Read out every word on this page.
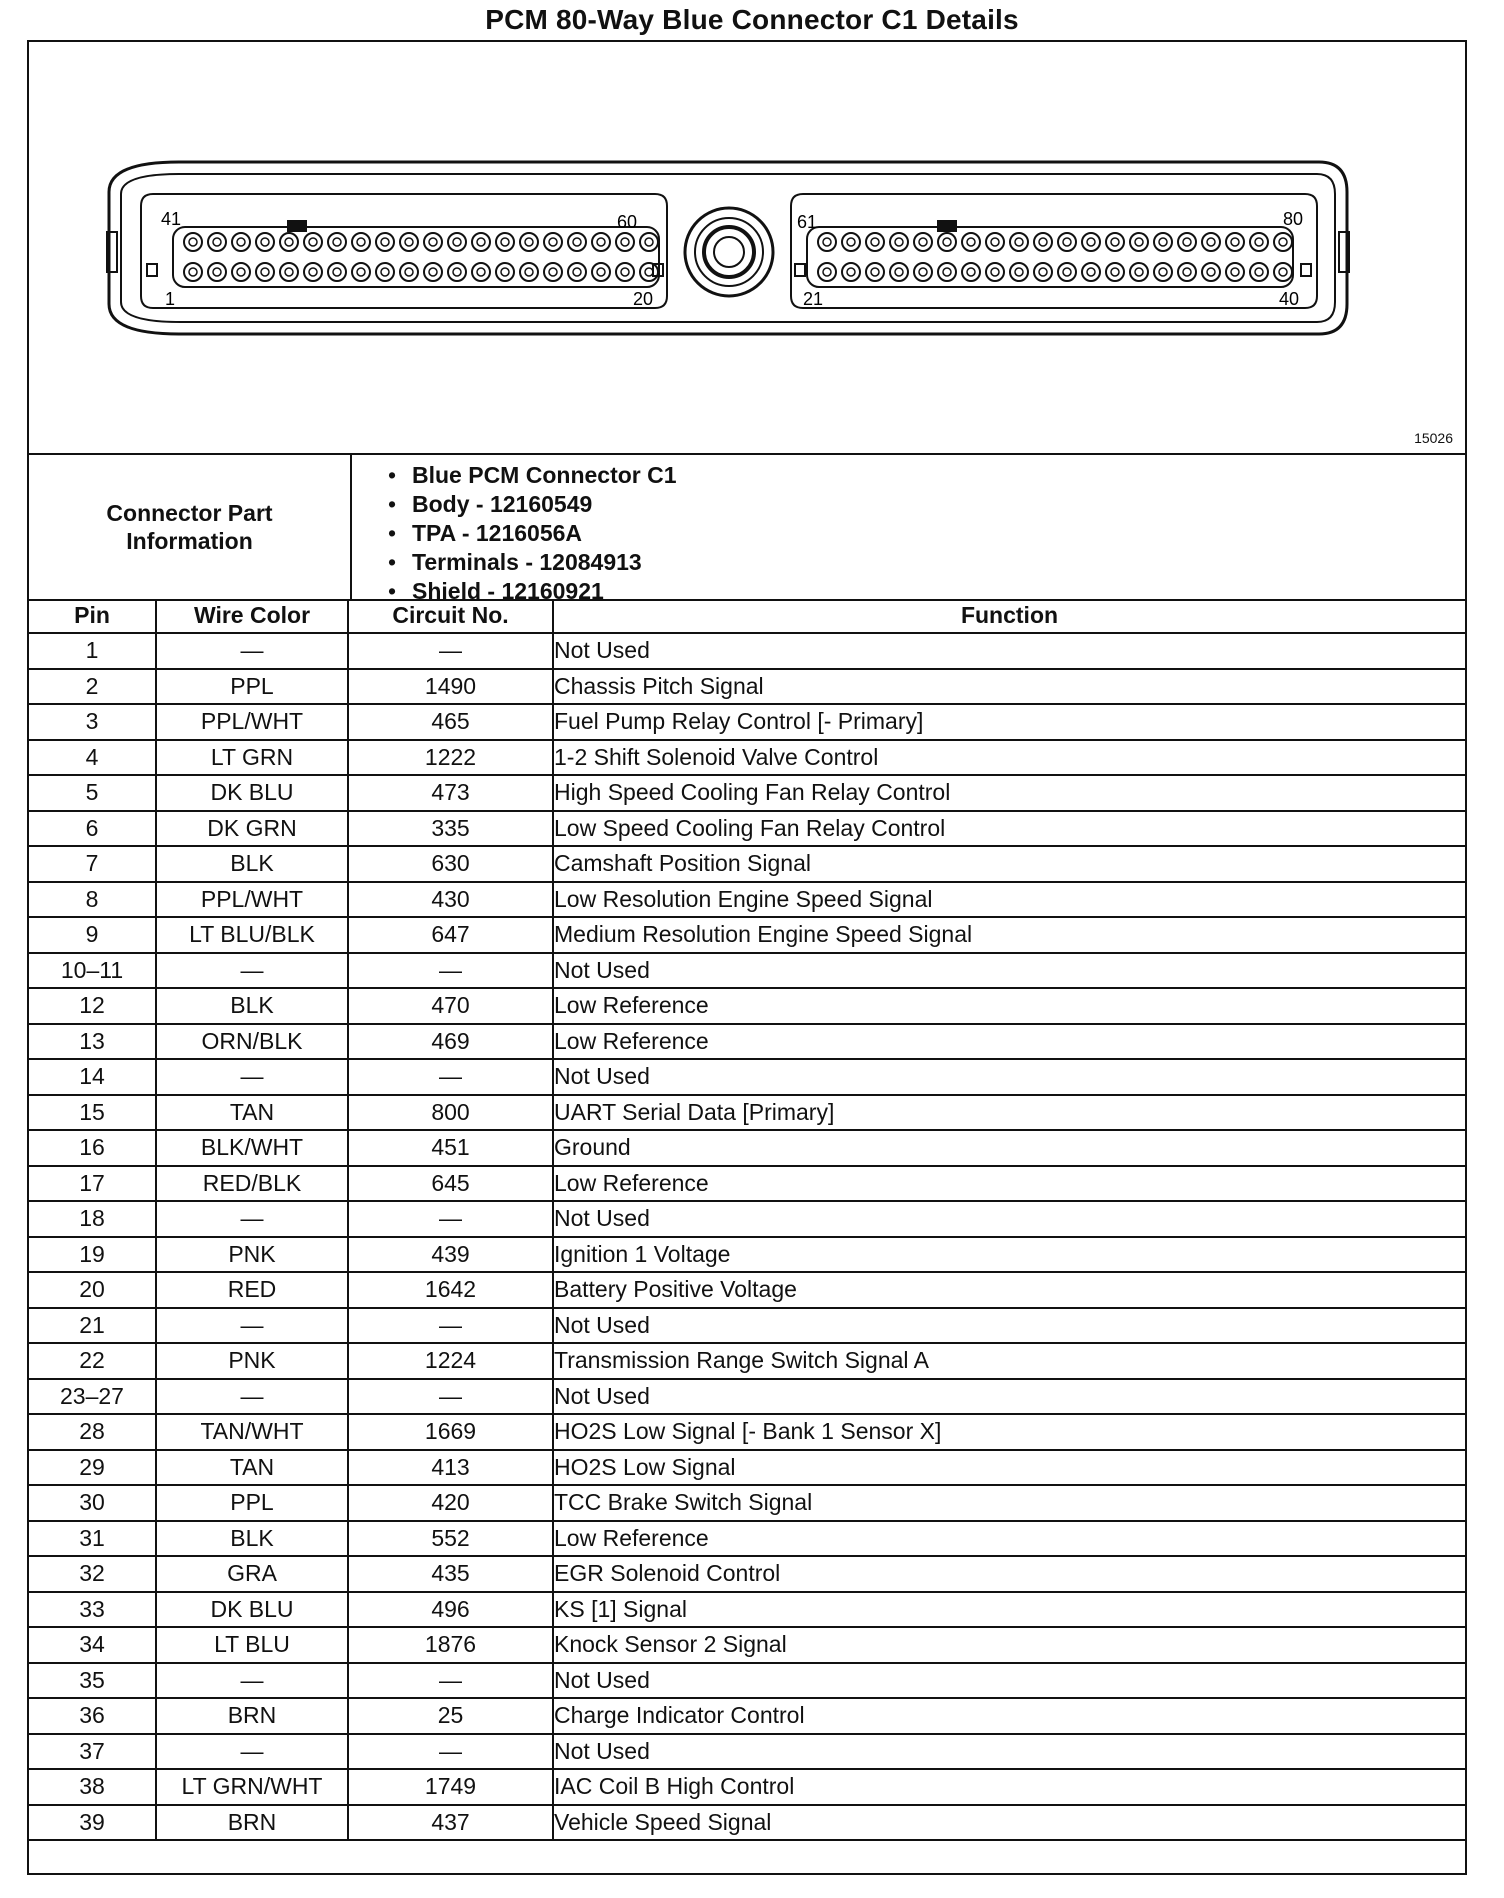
PCM 80-Way Blue Connector C1 Details
41	60
1	20
61	80
21	40
15026
Connector Part Information
• Blue PCM Connector C1
• Body - 12160549
• TPA - 1216056A
• Terminals - 12084913
• Shield - 12160921
Pin	Wire Color	Circuit No.	Function
1	—	—	Not Used
2	PPL	1490	Chassis Pitch Signal
3	PPL/WHT	465	Fuel Pump Relay Control [- Primary]
4	LT GRN	1222	1-2 Shift Solenoid Valve Control
5	DK BLU	473	High Speed Cooling Fan Relay Control
6	DK GRN	335	Low Speed Cooling Fan Relay Control
7	BLK	630	Camshaft Position Signal
8	PPL/WHT	430	Low Resolution Engine Speed Signal
9	LT BLU/BLK	647	Medium Resolution Engine Speed Signal
10–11	—	—	Not Used
12	BLK	470	Low Reference
13	ORN/BLK	469	Low Reference
14	—	—	Not Used
15	TAN	800	UART Serial Data [Primary]
16	BLK/WHT	451	Ground
17	RED/BLK	645	Low Reference
18	—	—	Not Used
19	PNK	439	Ignition 1 Voltage
20	RED	1642	Battery Positive Voltage
21	—	—	Not Used
22	PNK	1224	Transmission Range Switch Signal A
23–27	—	—	Not Used
28	TAN/WHT	1669	HO2S Low Signal [- Bank 1 Sensor X]
29	TAN	413	HO2S Low Signal
30	PPL	420	TCC Brake Switch Signal
31	BLK	552	Low Reference
32	GRA	435	EGR Solenoid Control
33	DK BLU	496	KS [1] Signal
34	LT BLU	1876	Knock Sensor 2 Signal
35	—	—	Not Used
36	BRN	25	Charge Indicator Control
37	—	—	Not Used
38	LT GRN/WHT	1749	IAC Coil B High Control
39	BRN	437	Vehicle Speed Signal
